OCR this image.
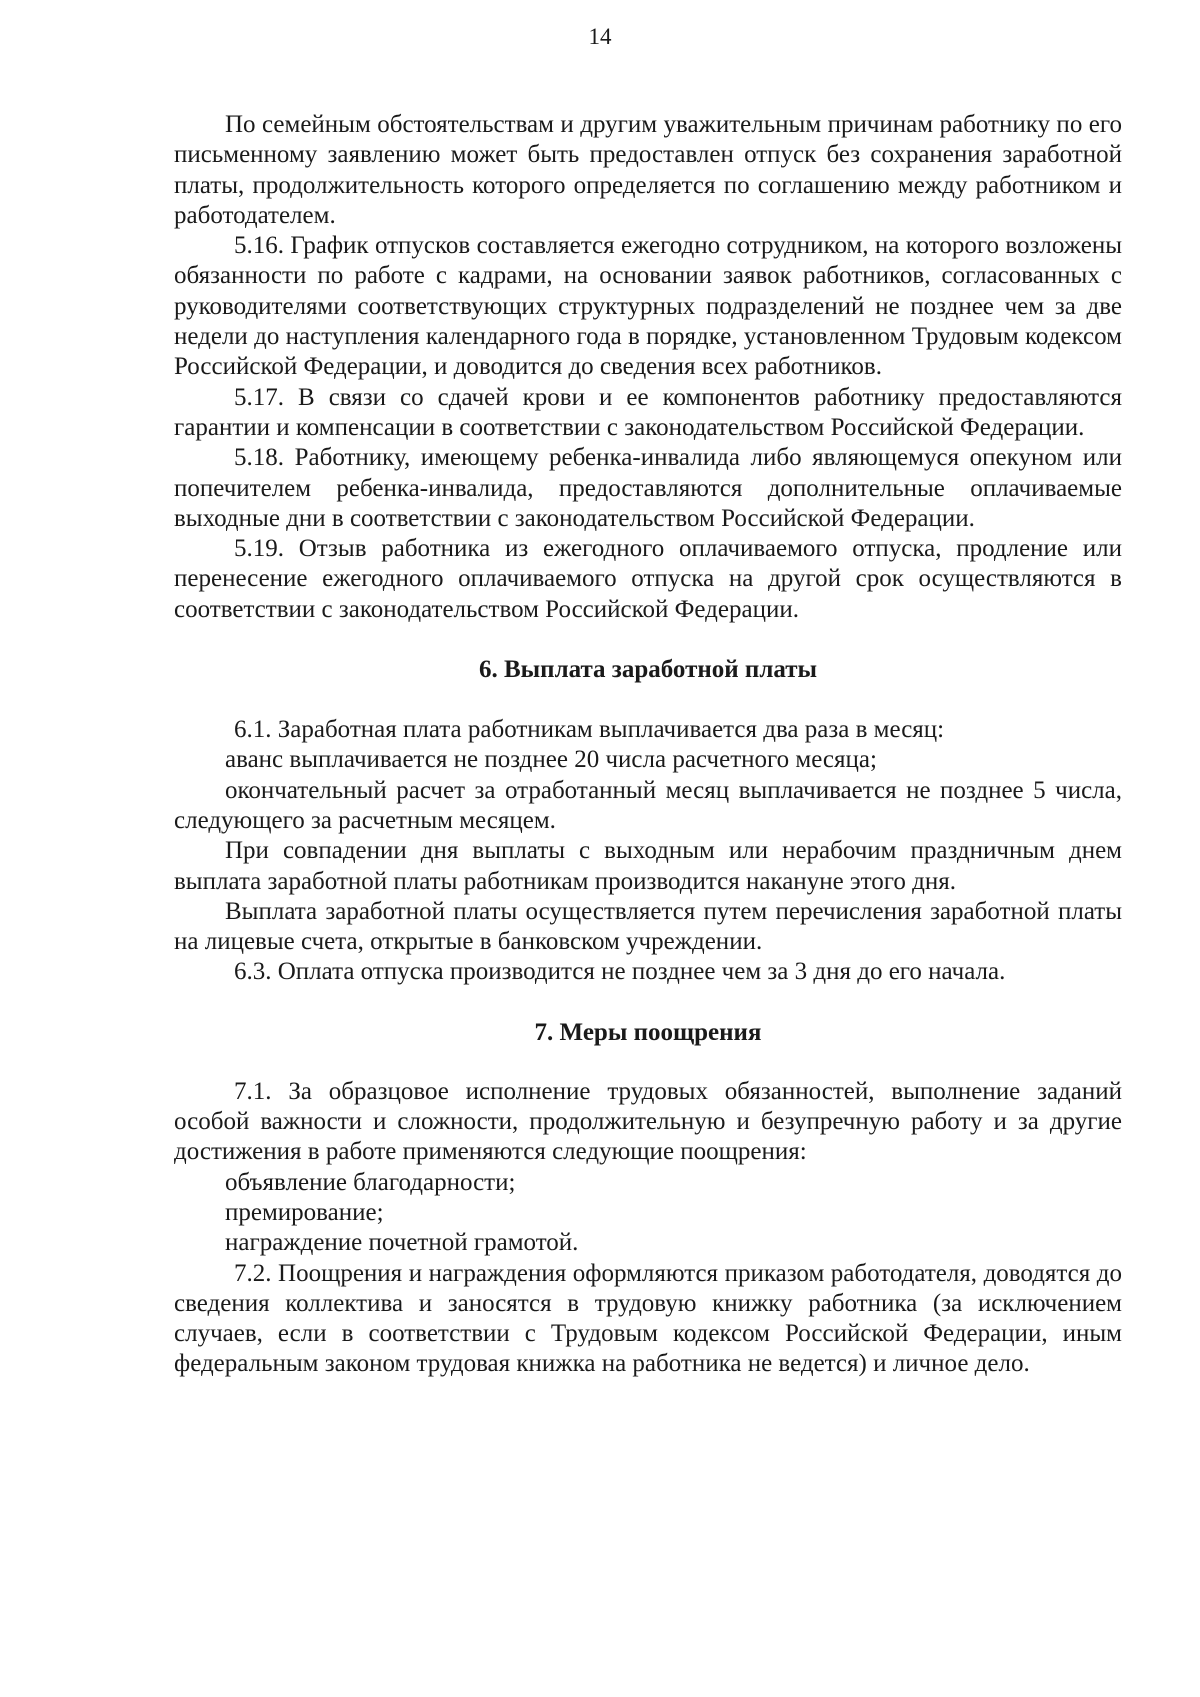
14

По семейным обстоятельствам и другим уважительным причинам работнику по его письменному заявлению может быть предоставлен отпуск без сохранения заработной платы, продолжительность которого определяется по соглашению между работником и работодателем.

5.16. График отпусков составляется ежегодно сотрудником, на которого возложены обязанности по работе с кадрами, на основании заявок работников, согласованных с руководителями соответствующих структурных подразделений не позднее чем за две недели до наступления календарного года в порядке, установленном Трудовым кодексом Российской Федерации, и доводится до сведения всех работников.

5.17. В связи со сдачей крови и ее компонентов работнику предоставляются гарантии и компенсации в соответствии с законодательством Российской Федерации.

5.18. Работнику, имеющему ребенка-инвалида либо являющемуся опекуном или попечителем ребенка-инвалида, предоставляются дополнительные оплачиваемые выходные дни в соответствии с законодательством Российской Федерации.

5.19. Отзыв работника из ежегодного оплачиваемого отпуска, продление или перенесение ежегодного оплачиваемого отпуска на другой срок осуществляются в соответствии с законодательством Российской Федерации.

6. Выплата заработной платы

6.1. Заработная плата работникам выплачивается два раза в месяц:

аванс выплачивается не позднее 20 числа расчетного месяца;

окончательный расчет за отработанный месяц выплачивается не позднее 5 числа, следующего за расчетным месяцем.

При совпадении дня выплаты с выходным или нерабочим праздничным днем выплата заработной платы работникам производится накануне этого дня.

Выплата заработной платы осуществляется путем перечисления заработной платы на лицевые счета, открытые в банковском учреждении.

6.3. Оплата отпуска производится не позднее чем за 3 дня до его начала.

7. Меры поощрения

7.1. За образцовое исполнение трудовых обязанностей, выполнение заданий особой важности и сложности, продолжительную и безупречную работу и за другие достижения в работе применяются следующие поощрения:

объявление благодарности;

премирование;

награждение почетной грамотой.

7.2. Поощрения и награждения оформляются приказом работодателя, доводятся до сведения коллектива и заносятся в трудовую книжку работника (за исключением случаев, если в соответствии с Трудовым кодексом Российской Федерации, иным федеральным законом трудовая книжка на работника не ведется) и личное дело.
